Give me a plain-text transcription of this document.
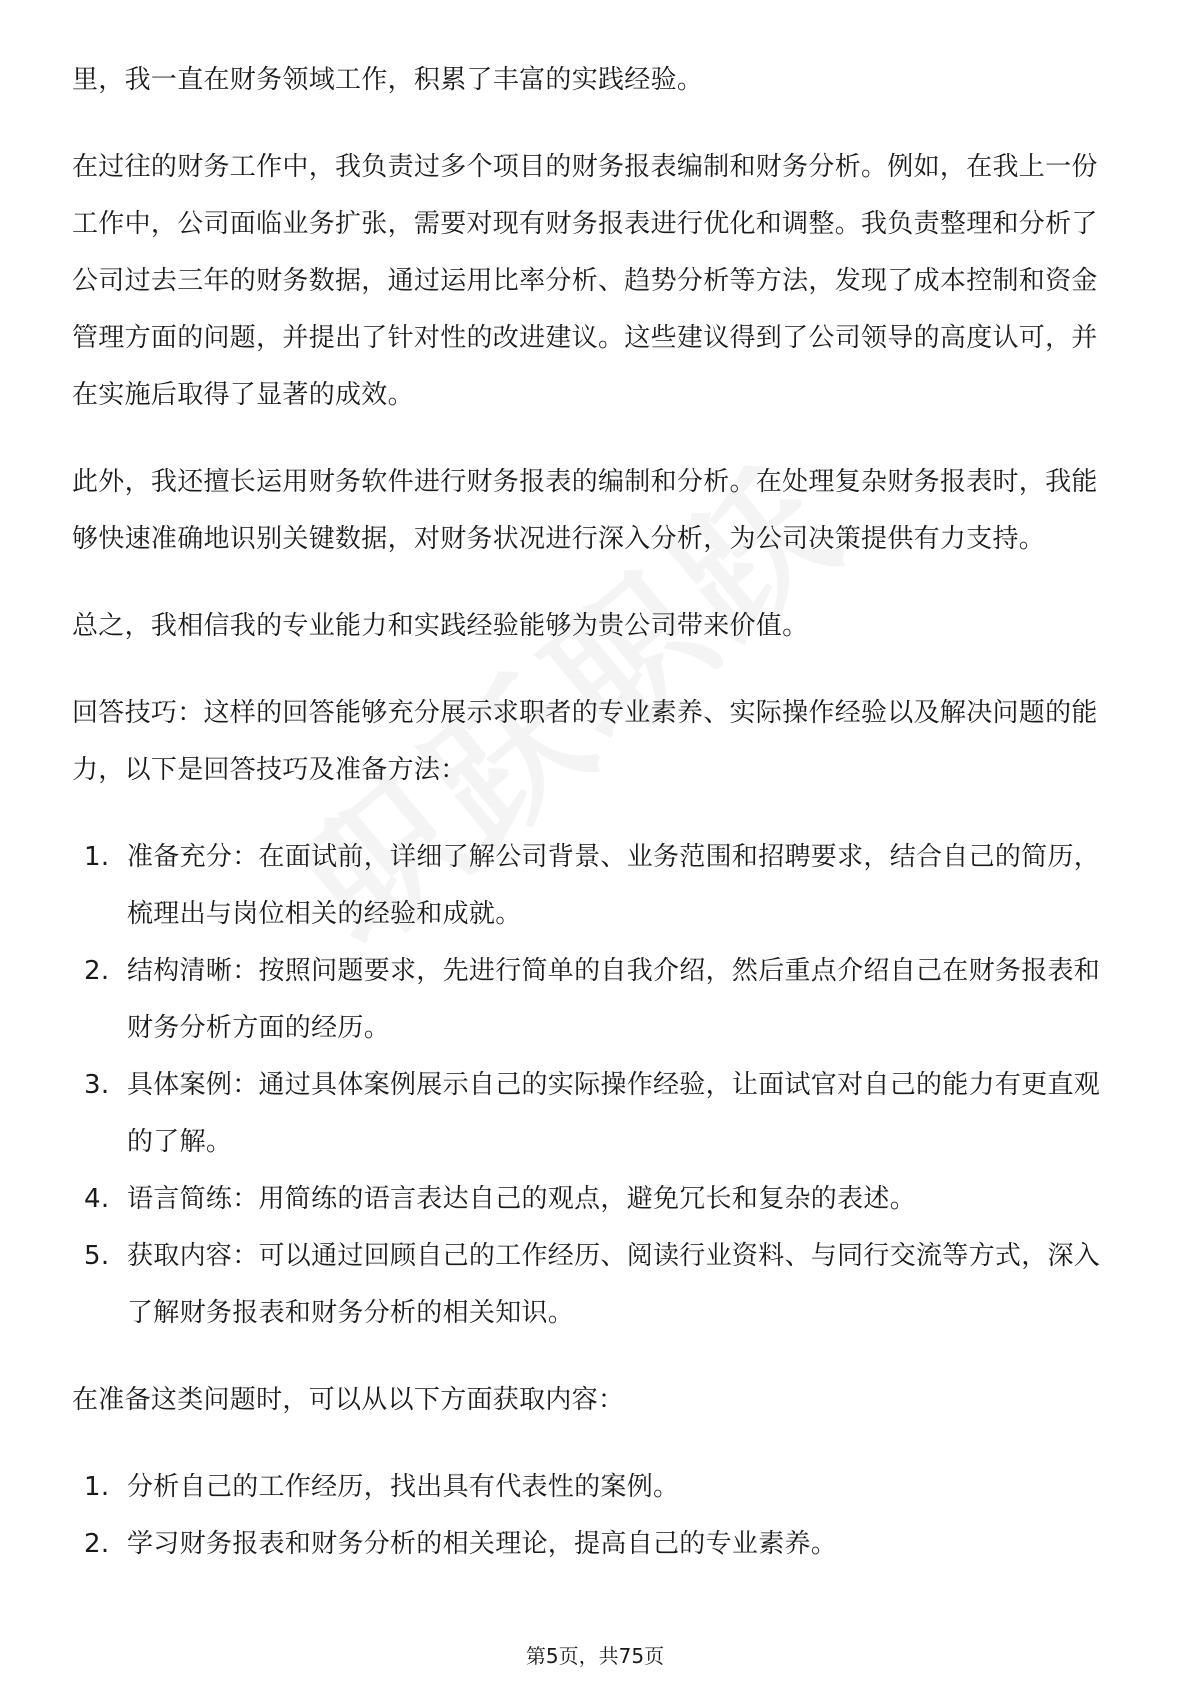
里，我一直在财务领域工作，积累了丰富的实践经验。

在过往的财务工作中，我负责过多个项目的财务报表编制和财务分析。例如，在我上一份工作中，公司面临业务扩张，需要对现有财务报表进行优化和调整。我负责整理和分析了公司过去三年的财务数据，通过运用比率分析、趋势分析等方法，发现了成本控制和资金管理方面的问题，并提出了针对性的改进建议。这些建议得到了公司领导的高度认可，并在实施后取得了显著的成效。

此外，我还擅长运用财务软件进行财务报表的编制和分析。在处理复杂财务报表时，我能够快速准确地识别关键数据，对财务状况进行深入分析，为公司决策提供有力支持。

总之，我相信我的专业能力和实践经验能够为贵公司带来价值。

回答技巧：这样的回答能够充分展示求职者的专业素养、实际操作经验以及解决问题的能力，以下是回答技巧及准备方法：

1. 准备充分：在面试前，详细了解公司背景、业务范围和招聘要求，结合自己的简历，梳理出与岗位相关的经验和成就。
2. 结构清晰：按照问题要求，先进行简单的自我介绍，然后重点介绍自己在财务报表和财务分析方面的经历。
3. 具体案例：通过具体案例展示自己的实际操作经验，让面试官对自己的能力有更直观的了解。
4. 语言简练：用简练的语言表达自己的观点，避免冗长和复杂的表述。
5. 获取内容：可以通过回顾自己的工作经历、阅读行业资料、与同行交流等方式，深入了解财务报表和财务分析的相关知识。

在准备这类问题时，可以从以下方面获取内容：

1. 分析自己的工作经历，找出具有代表性的案例。
2. 学习财务报表和财务分析的相关理论，提高自己的专业素养。
第5页，共75页
